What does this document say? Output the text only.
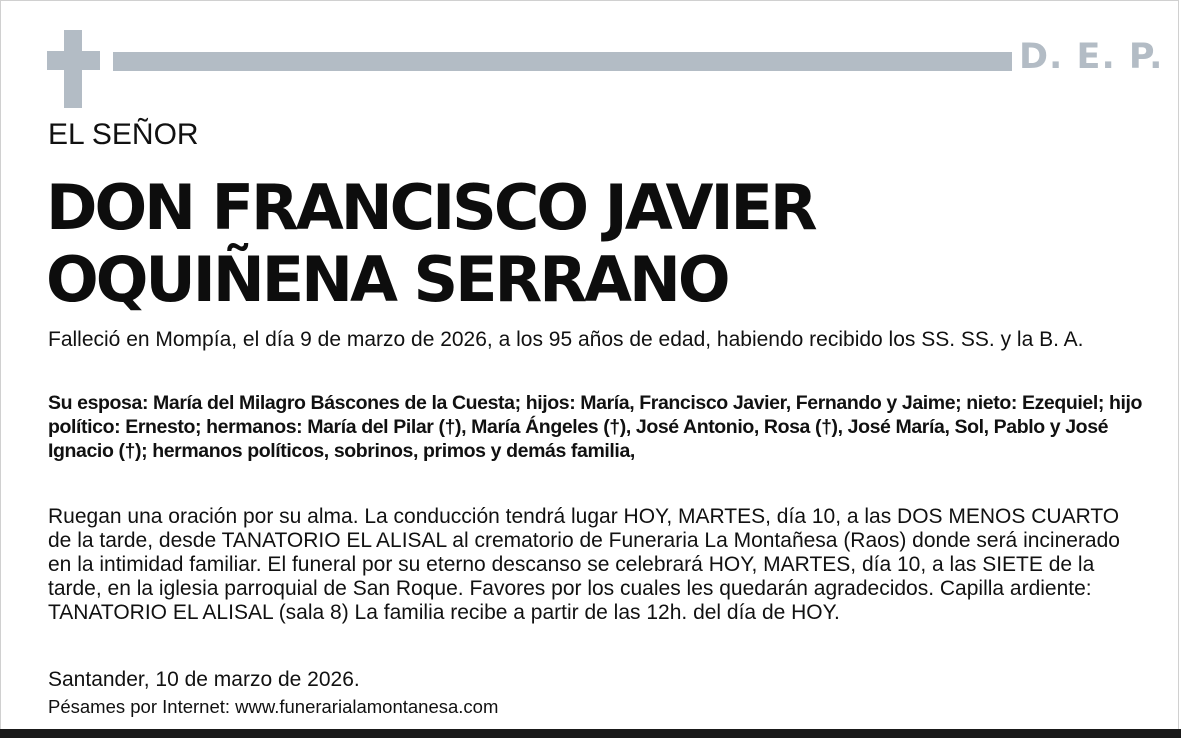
D. E. P.
EL SEÑOR
DON FRANCISCO JAVIER
OQUIÑENA SERRANO
Falleció en Mompía, el día 9 de marzo de 2026, a los 95 años de edad, habiendo recibido los SS. SS. y la B. A.
Su esposa: María del Milagro Báscones de la Cuesta; hijos: María, Francisco Javier, Fernando y Jaime; nieto: Ezequiel; hijo político: Ernesto; hermanos: María del Pilar (†), María Ángeles (†), José Antonio, Rosa (†), José María, Sol, Pablo y José Ignacio (†); hermanos políticos, sobrinos, primos y demás familia,
Ruegan una oración por su alma. La conducción tendrá lugar HOY, MARTES, día 10, a las DOS MENOS CUARTO de la tarde, desde TANATORIO EL ALISAL al crematorio de Funeraria La Montañesa (Raos) donde será incinerado en la intimidad familiar. El funeral por su eterno descanso se celebrará HOY, MARTES, día 10, a las SIETE de la tarde, en la iglesia parroquial de San Roque. Favores por los cuales les quedarán agradecidos. Capilla ardiente: TANATORIO EL ALISAL (sala 8) La familia recibe a partir de las 12h. del día de HOY.
Santander, 10 de marzo de 2026.
Pésames por Internet: www.funerarialamontanesa.com
